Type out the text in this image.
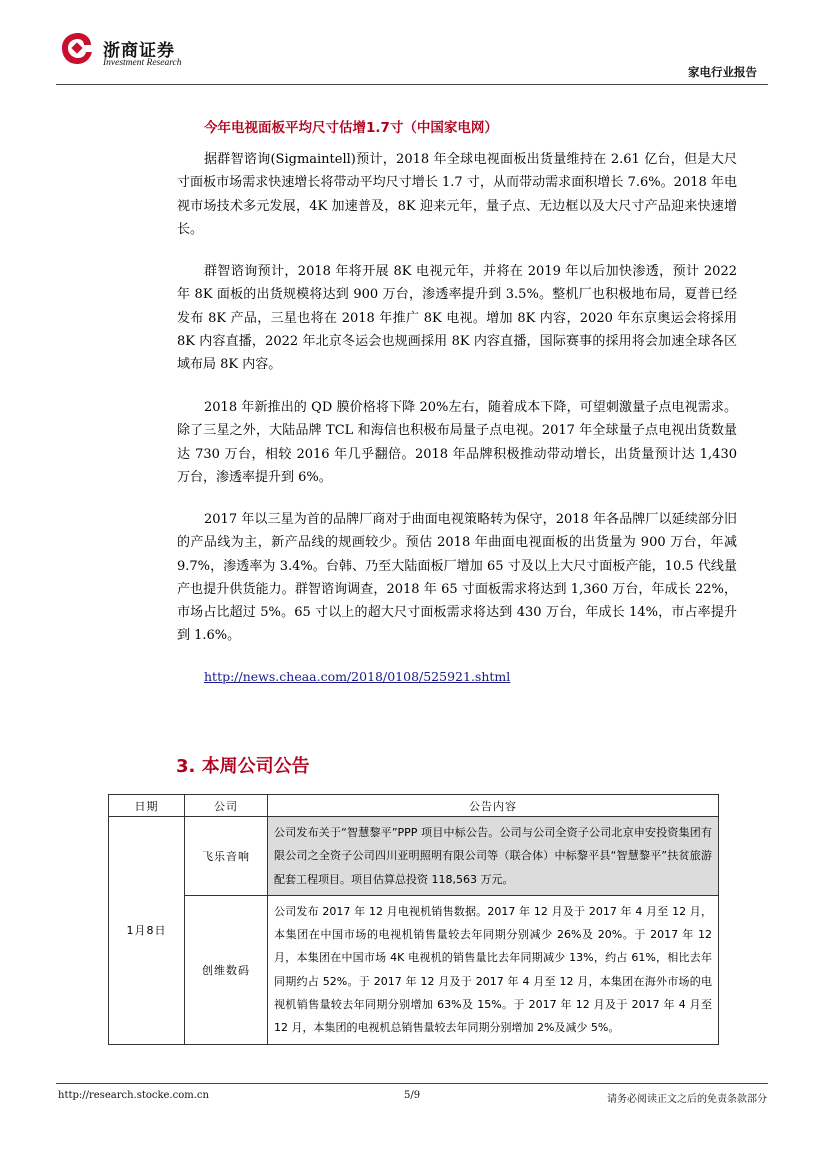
浙商证券
Investment Research
家电行业报告
今年电视面板平均尺寸估增1.7寸（中国家电网）

据群智谘询(Sigmaintell)预计，2018 年全球电视面板出货量维持在 2.61 亿台，但是大尺寸面板市场需求快速增长将带动平均尺寸增长 1.7 寸，从而带动需求面积增长 7.6%。2018 年电视市场技术多元发展，4K 加速普及，8K 迎来元年，量子点、无边框以及大尺寸产品迎来快速增长。

群智谘询预计，2018 年将开展 8K 电视元年，并将在 2019 年以后加快渗透，预计 2022 年 8K 面板的出货规模将达到 900 万台，渗透率提升到 3.5%。整机厂也积极地布局，夏普已经发布 8K 产品，三星也将在 2018 年推广 8K 电视。增加 8K 内容，2020 年东京奥运会将採用 8K 内容直播，2022 年北京冬运会也规画採用 8K 内容直播，国际赛事的採用将会加速全球各区域布局 8K 内容。

2018 年新推出的 QD 膜价格将下降 20%左右，随着成本下降，可望刺激量子点电视需求。除了三星之外，大陆品牌 TCL 和海信也积极布局量子点电视。2017 年全球量子点电视出货数量达 730 万台，相较 2016 年几乎翻倍。2018 年品牌积极推动带动增长，出货量预计达 1,430 万台，渗透率提升到 6%。

2017 年以三星为首的品牌厂商对于曲面电视策略转为保守，2018 年各品牌厂以延续部分旧的产品线为主，新产品线的规画较少。预估 2018 年曲面电视面板的出货量为 900 万台，年减 9.7%，渗透率为 3.4%。台韩、乃至大陆面板厂增加 65 寸及以上大尺寸面板产能，10.5 代线量产也提升供货能力。群智谘询调查，2018 年 65 寸面板需求将达到 1,360 万台，年成长 22%，市场占比超过 5%。65 寸以上的超大尺寸面板需求将达到 430 万台，年成长 14%，市占率提升到 1.6%。

http://news.cheaa.com/2018/0108/525921.shtml
3. 本周公司公告
日期	公司	公告内容
1月8日	飞乐音响	公司发布关于“智慧黎平”PPP 项目中标公告。公司与公司全资子公司北京申安投资集团有限公司之全资子公司四川亚明照明有限公司等（联合体）中标黎平县“智慧黎平”扶贫旅游配套工程项目。项目估算总投资 118,563 万元。
	创维数码	公司发布 2017 年 12 月电视机销售数据。2017 年 12 月及于 2017 年 4 月至 12 月，本集团在中国市场的电视机销售量较去年同期分别减少 26%及 20%。于 2017 年 12 月，本集团在中国市场 4K 电视机的销售量比去年同期减少 13%，约占 61%，相比去年同期约占 52%。于 2017 年 12 月及于 2017 年 4 月至 12 月，本集团在海外市场的电视机销售量较去年同期分别增加 63%及 15%。于 2017 年 12 月及于 2017 年 4 月至 12 月，本集团的电视机总销售量较去年同期分别增加 2%及减少 5%。
http://research.stocke.com.cn	5/9	请务必阅读正文之后的免责条款部分
